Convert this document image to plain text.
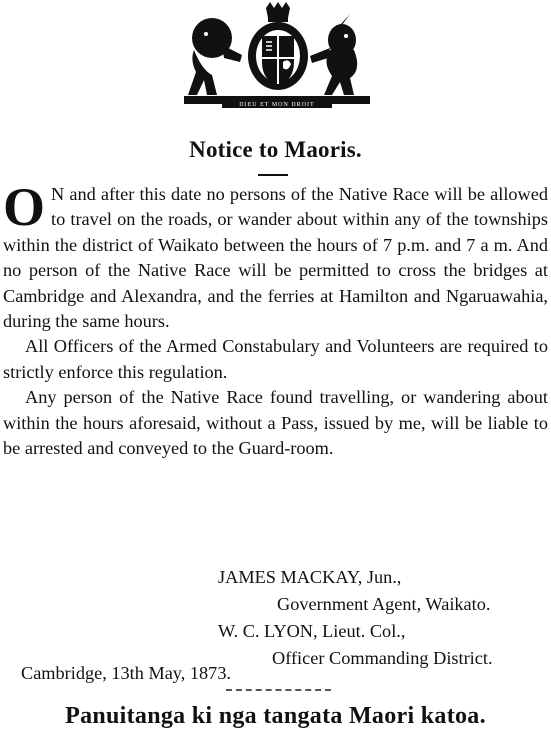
DIEU ET MON DROIT
Notice to Maoris.

O N and after this date no persons of the Native Race will be allowed to travel on the roads, or wander about within any of the townships within the district of Waikato between the hours of 7 p.m. and 7 a m. And no person of the Native Race will be permitted to cross the bridges at Cambridge and Alexandra, and the ferries at Hamilton and Ngaruawahia, during the same hours.

All Officers of the Armed Constabulary and Volunteers are required to strictly enforce this regulation.

Any person of the Native Race found travelling, or wandering about within the hours aforesaid, without a Pass, issued by me, will be liable to be arrested and conveyed to the Guard-room.

JAMES MACKAY, Jun.,
Government Agent, Waikato.
W. C. LYON, Lieut. Col.,
Officer Commanding District.
Cambridge, 13th May, 1873.
Panuitanga ki nga tangata Maori katoa.
